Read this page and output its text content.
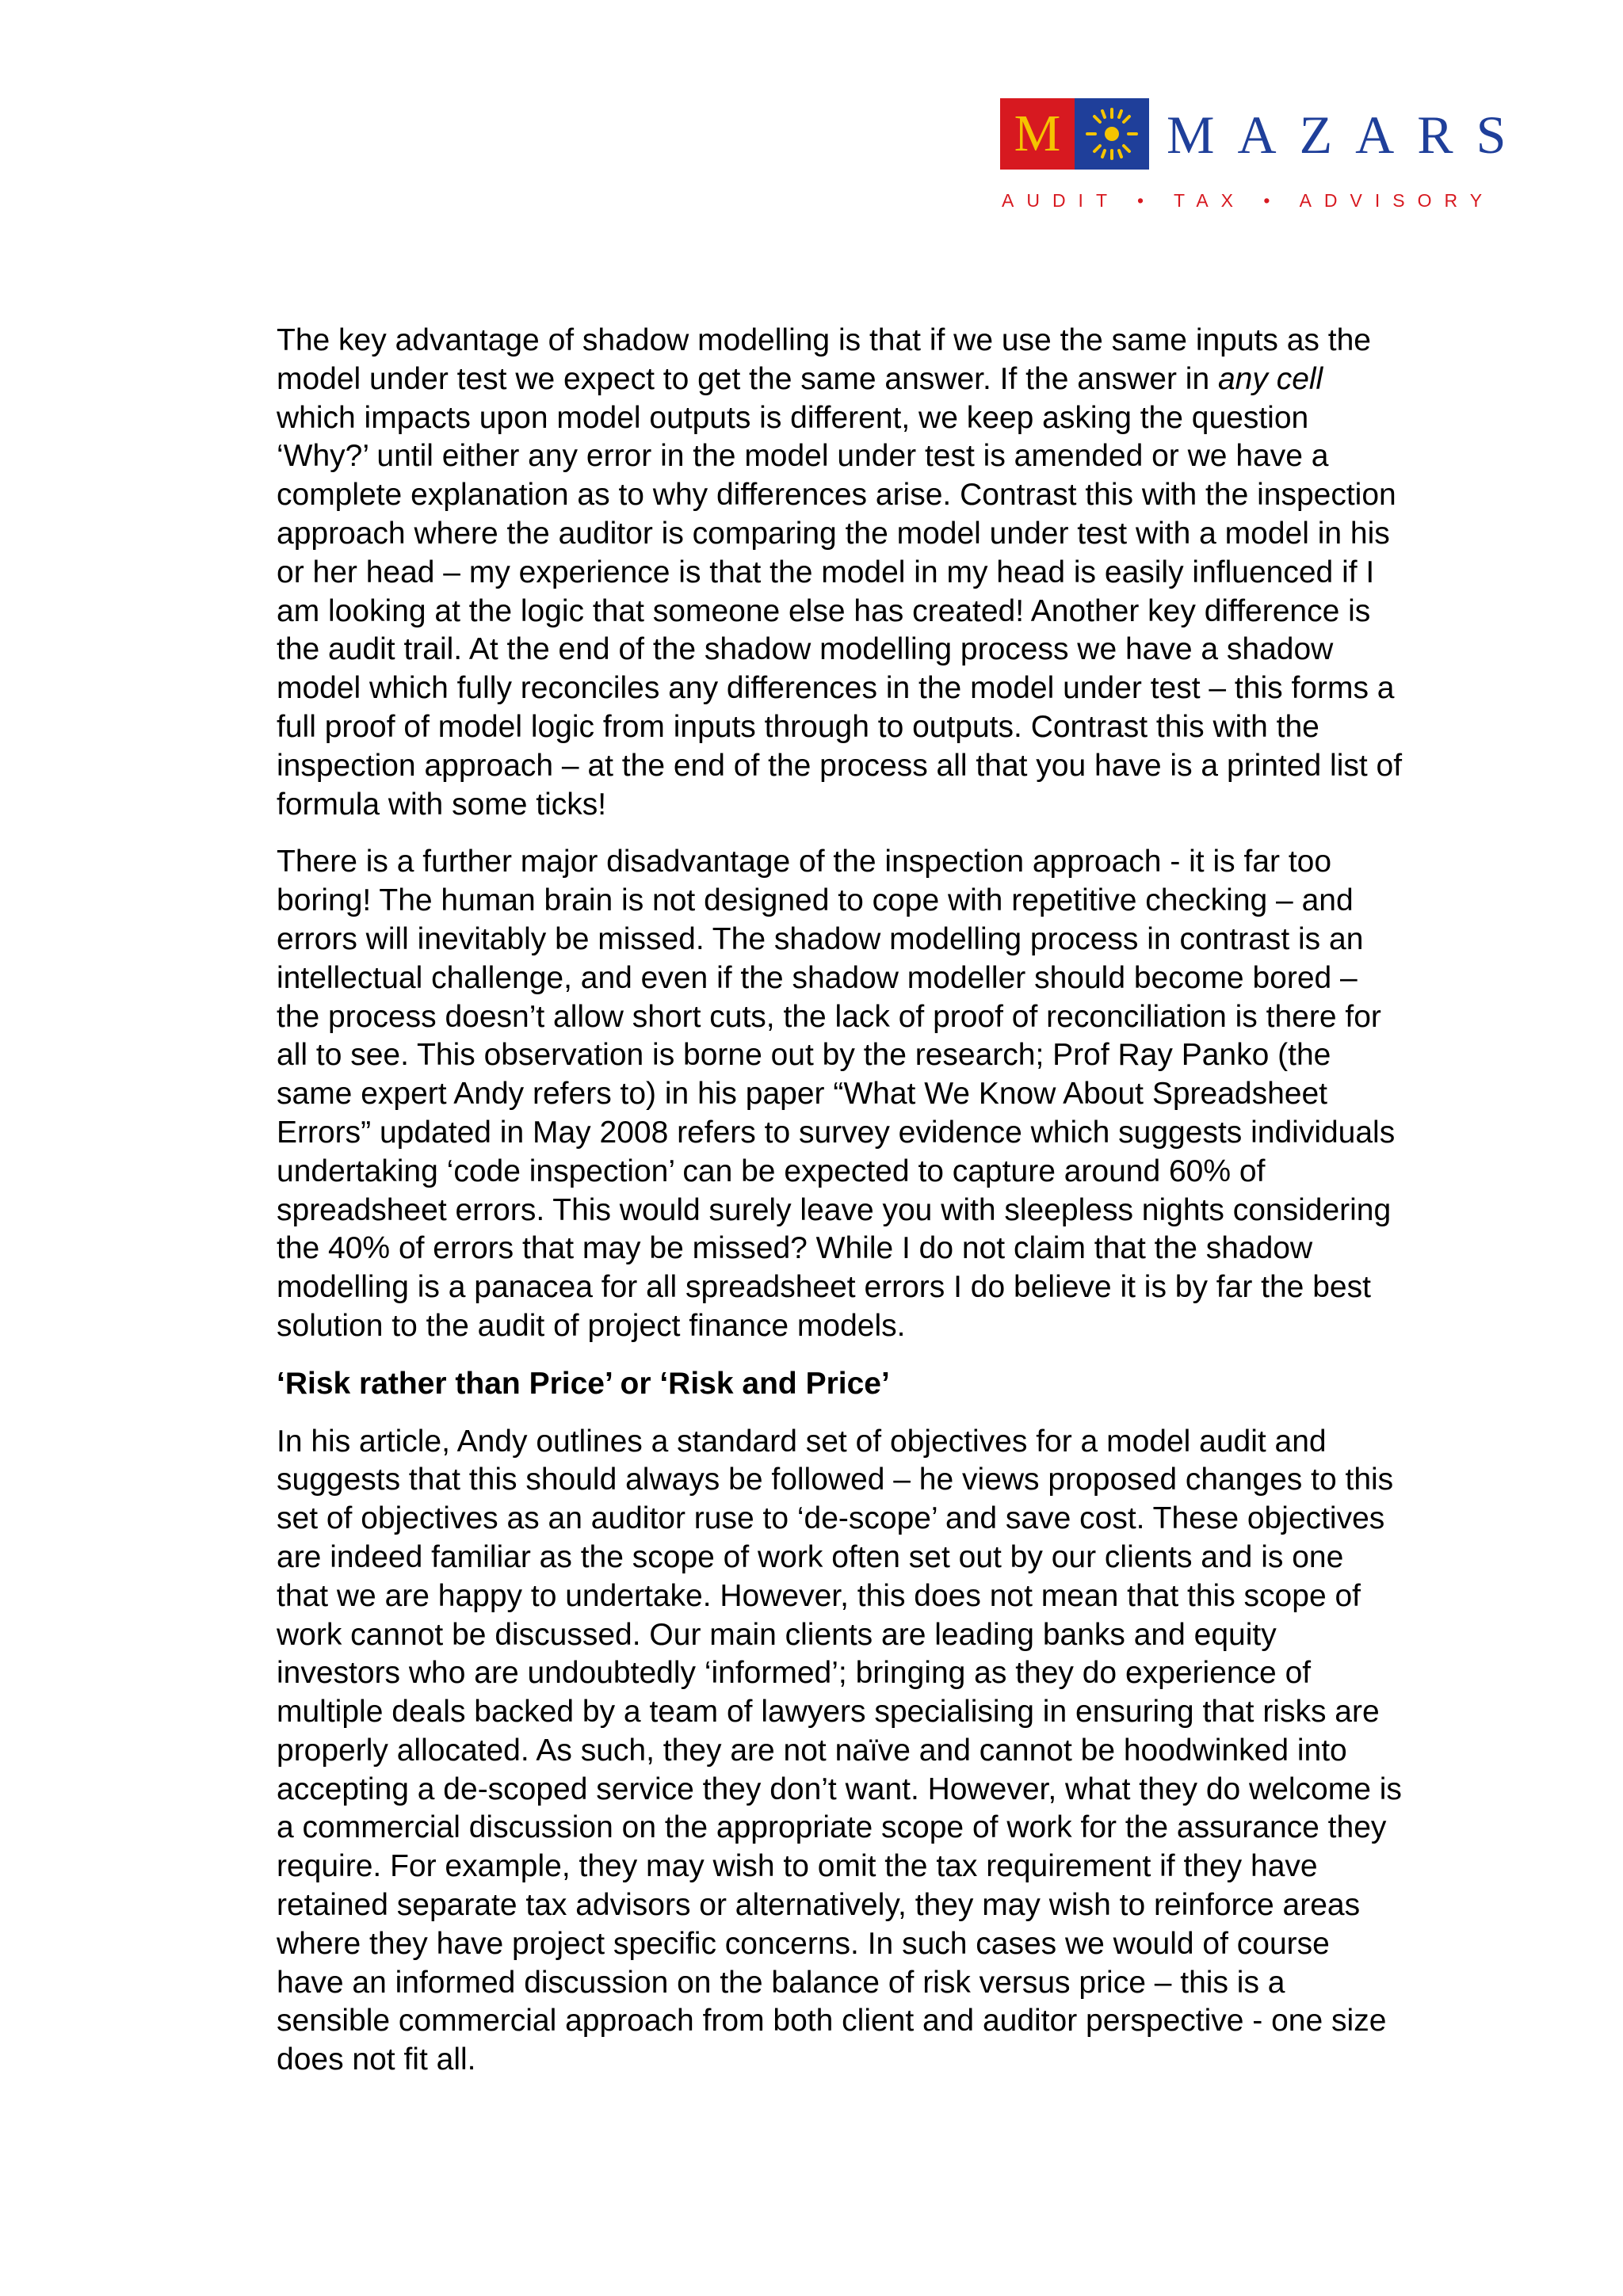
M MAZARS
AUDIT • TAX • ADVISORY

The key advantage of shadow modelling is that if we use the same inputs as the
model under test we expect to get the same answer. If the answer in any cell
which impacts upon model outputs is different, we keep asking the question
‘Why?’ until either any error in the model under test is amended or we have a
complete explanation as to why differences arise. Contrast this with the inspection
approach where the auditor is comparing the model under test with a model in his
or her head – my experience is that the model in my head is easily influenced if I
am looking at the logic that someone else has created! Another key difference is
the audit trail. At the end of the shadow modelling process we have a shadow
model which fully reconciles any differences in the model under test – this forms a
full proof of model logic from inputs through to outputs. Contrast this with the
inspection approach – at the end of the process all that you have is a printed list of
formula with some ticks!

There is a further major disadvantage of the inspection approach - it is far too
boring! The human brain is not designed to cope with repetitive checking – and
errors will inevitably be missed. The shadow modelling process in contrast is an
intellectual challenge, and even if the shadow modeller should become bored –
the process doesn’t allow short cuts, the lack of proof of reconciliation is there for
all to see. This observation is borne out by the research; Prof Ray Panko (the
same expert Andy refers to) in his paper “What We Know About Spreadsheet
Errors” updated in May 2008 refers to survey evidence which suggests individuals
undertaking ‘code inspection’ can be expected to capture around 60% of
spreadsheet errors. This would surely leave you with sleepless nights considering
the 40% of errors that may be missed? While I do not claim that the shadow
modelling is a panacea for all spreadsheet errors I do believe it is by far the best
solution to the audit of project finance models.

‘Risk rather than Price’ or ‘Risk and Price’

In his article, Andy outlines a standard set of objectives for a model audit and
suggests that this should always be followed – he views proposed changes to this
set of objectives as an auditor ruse to ‘de-scope’ and save cost. These objectives
are indeed familiar as the scope of work often set out by our clients and is one
that we are happy to undertake. However, this does not mean that this scope of
work cannot be discussed. Our main clients are leading banks and equity
investors who are undoubtedly ‘informed’; bringing as they do experience of
multiple deals backed by a team of lawyers specialising in ensuring that risks are
properly allocated. As such, they are not naïve and cannot be hoodwinked into
accepting a de-scoped service they don’t want. However, what they do welcome is
a commercial discussion on the appropriate scope of work for the assurance they
require. For example, they may wish to omit the tax requirement if they have
retained separate tax advisors or alternatively, they may wish to reinforce areas
where they have project specific concerns. In such cases we would of course
have an informed discussion on the balance of risk versus price – this is a
sensible commercial approach from both client and auditor perspective - one size
does not fit all.
